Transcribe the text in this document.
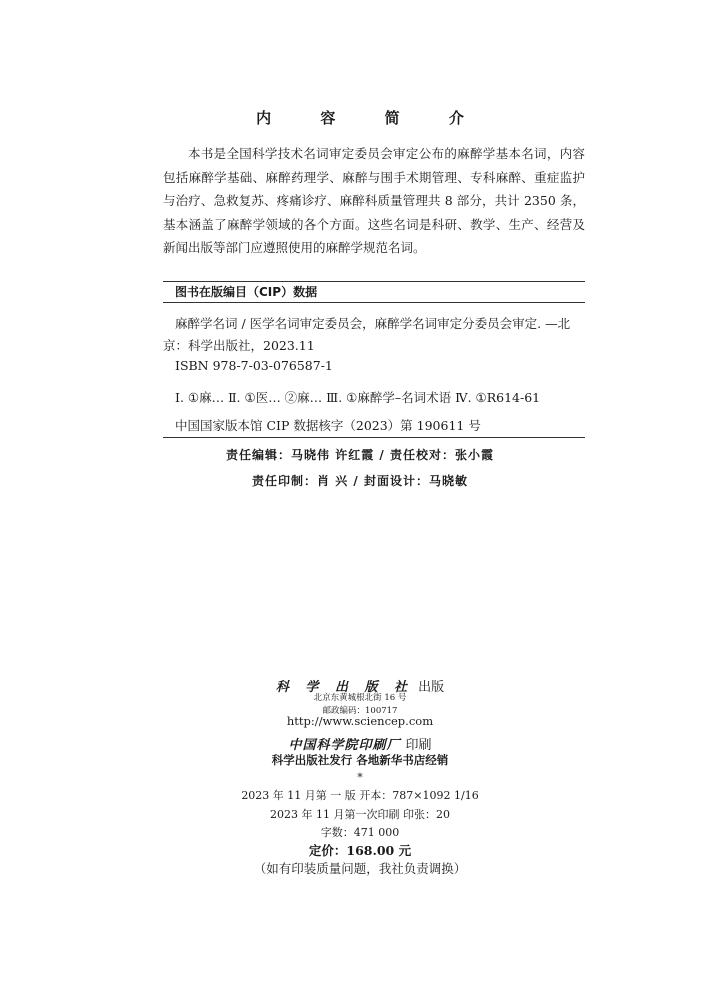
内 容 简 介

本书是全国科学技术名词审定委员会审定公布的麻醉学基本名词，内容包括麻醉学基础、麻醉药理学、麻醉与围手术期管理、专科麻醉、重症监护与治疗、急救复苏、疼痛诊疗、麻醉科质量管理共 8 部分，共计 2350 条，基本涵盖了麻醉学领域的各个方面。这些名词是科研、教学、生产、经营及新闻出版等部门应遵照使用的麻醉学规范名词。

图书在版编目（CIP）数据
麻醉学名词 / 医学名词审定委员会，麻醉学名词审定分委员会审定. —北
京：科学出版社，2023.11
ISBN 978-7-03-076587-1
Ⅰ. ①麻… Ⅱ. ①医… ②麻… Ⅲ. ①麻醉学–名词术语 Ⅳ. ①R614-61
中国国家版本馆 CIP 数据核字（2023）第 190611 号
责任编辑：马晓伟 许红霞 / 责任校对：张小霞
责任印制：肖 兴 / 封面设计：马晓敏
科 学 出 版 社 出版
北京东黄城根北街 16 号
邮政编码：100717
http://www.sciencep.com
中国科学院印刷厂 印刷
科学出版社发行 各地新华书店经销
*
2023 年 11 月第 一 版 开本：787×1092 1/16
2023 年 11 月第一次印刷 印张：20
字数：471 000
定价：168.00 元
（如有印装质量问题，我社负责调换）
